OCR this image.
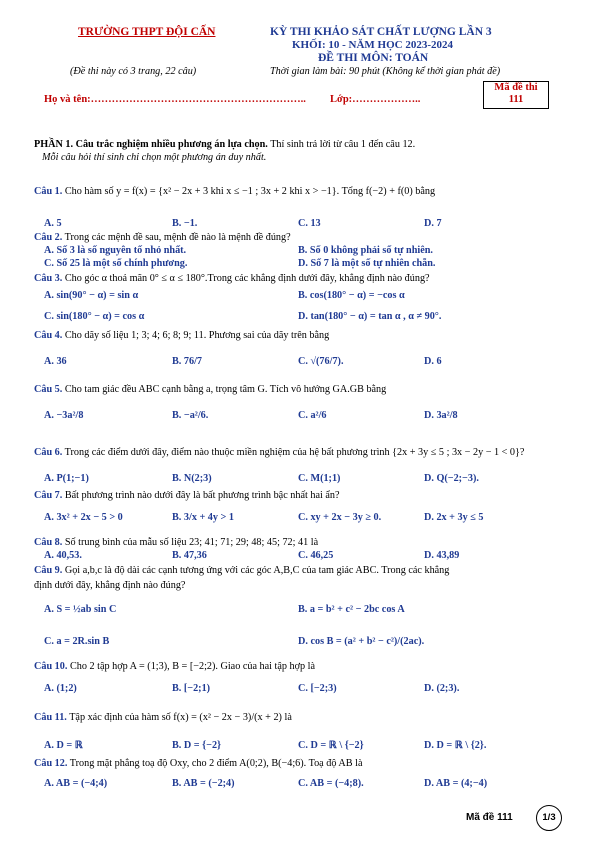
TRƯỜNG THPT ĐỘI CẤN	KỲ THI KHẢO SÁT CHẤT LƯỢNG LẦN 3
KHỐI: 10 - NĂM HỌC 2023-2024
ĐỀ THI MÔN: TOÁN
(Đề thi này có 3 trang, 22 câu)	Thời gian làm bài: 90 phút (Không kể thời gian phát đề)
Họ và tên:…………………………………………………….. Lớp:………………..
Mã đề thi
111
PHẦN 1. Câu trắc nghiệm nhiều phương án lựa chọn. Thí sinh trả lời từ câu 1 đến câu 12.
Mỗi câu hỏi thí sinh chỉ chọn một phương án duy nhất.
Câu 1. Cho hàm số y = f(x) = {x² − 2x + 3 khi x ≤ −1 ; 3x + 2 khi x > −1}. Tổng f(−2) + f(0) bằng
A. 5	B. −1.	C. 13	D. 7
Câu 2. Trong các mệnh đề sau, mệnh đề nào là mệnh đề đúng?
A. Số 3 là số nguyên tố nhỏ nhất.	B. Số 0 không phải số tự nhiên.
C. Số 25 là một số chính phương.	D. Số 7 là một số tự nhiên chẵn.
Câu 3. Cho góc α thoả mãn 0° ≤ α ≤ 180°.Trong các khẳng định dưới đây, khẳng định nào đúng?
A. sin(90° − α) = sin α	B. cos(180° − α) = −cos α
C. sin(180° − α) = cos α	D. tan(180° − α) = tan α , α ≠ 90°.
Câu 4. Cho dãy số liệu 1; 3; 4; 6; 8; 9; 11. Phương sai của dãy trên bằng
A. 36	B. 76/7	C. √(76/7).	D. 6
Câu 5. Cho tam giác đều ABC cạnh bằng a, trọng tâm G. Tích vô hướng GA.GB bằng
A. −3a²/8	B. −a²/6.	C. a²/6	D. 3a²/8
Câu 6. Trong các điểm dưới đây, điểm nào thuộc miền nghiệm của hệ bất phương trình {2x + 3y ≤ 5 ; 3x − 2y − 1 < 0}?
A. P(1;−1)	B. N(2;3)	C. M(1;1)	D. Q(−2;−3).
Câu 7. Bất phương trình nào dưới đây là bất phương trình bậc nhất hai ẩn?
A. 3x² + 2x − 5 > 0	B. 3/x + 4y > 1	C. xy + 2x − 3y ≥ 0.	D. 2x + 3y ≤ 5
Câu 8. Số trung bình của mẫu số liệu 23; 41; 71; 29; 48; 45; 72; 41 là
A. 40,53.	B. 47,36	C. 46,25	D. 43,89
Câu 9. Gọi a,b,c là độ dài các cạnh tương ứng với các góc A,B,C của tam giác ABC. Trong các khẳng
định dưới đây, khẳng định nào đúng?
A. S = ½ab sin C	B. a = b² + c² − 2bc cos A
C. a = 2R.sin B	D. cos B = (a² + b² − c²)/(2ac).
Câu 10. Cho 2 tập hợp A = (1;3), B = [−2;2). Giao của hai tập hợp là
A. (1;2)	B. [−2;1)	C. [−2;3)	D. (2;3).
Câu 11. Tập xác định của hàm số f(x) = (x² − 2x − 3)/(x + 2) là
A. D = ℝ	B. D = {−2}	C. D = ℝ \ {−2}	D. D = ℝ \ {2}.
Câu 12. Trong mặt phẳng toạ độ Oxy, cho 2 điểm A(0;2), B(−4;6). Toạ độ AB là
A. AB = (−4;4)	B. AB = (−2;4)	C. AB = (−4;8).	D. AB = (4;−4)
Mã đề 111	1/3
